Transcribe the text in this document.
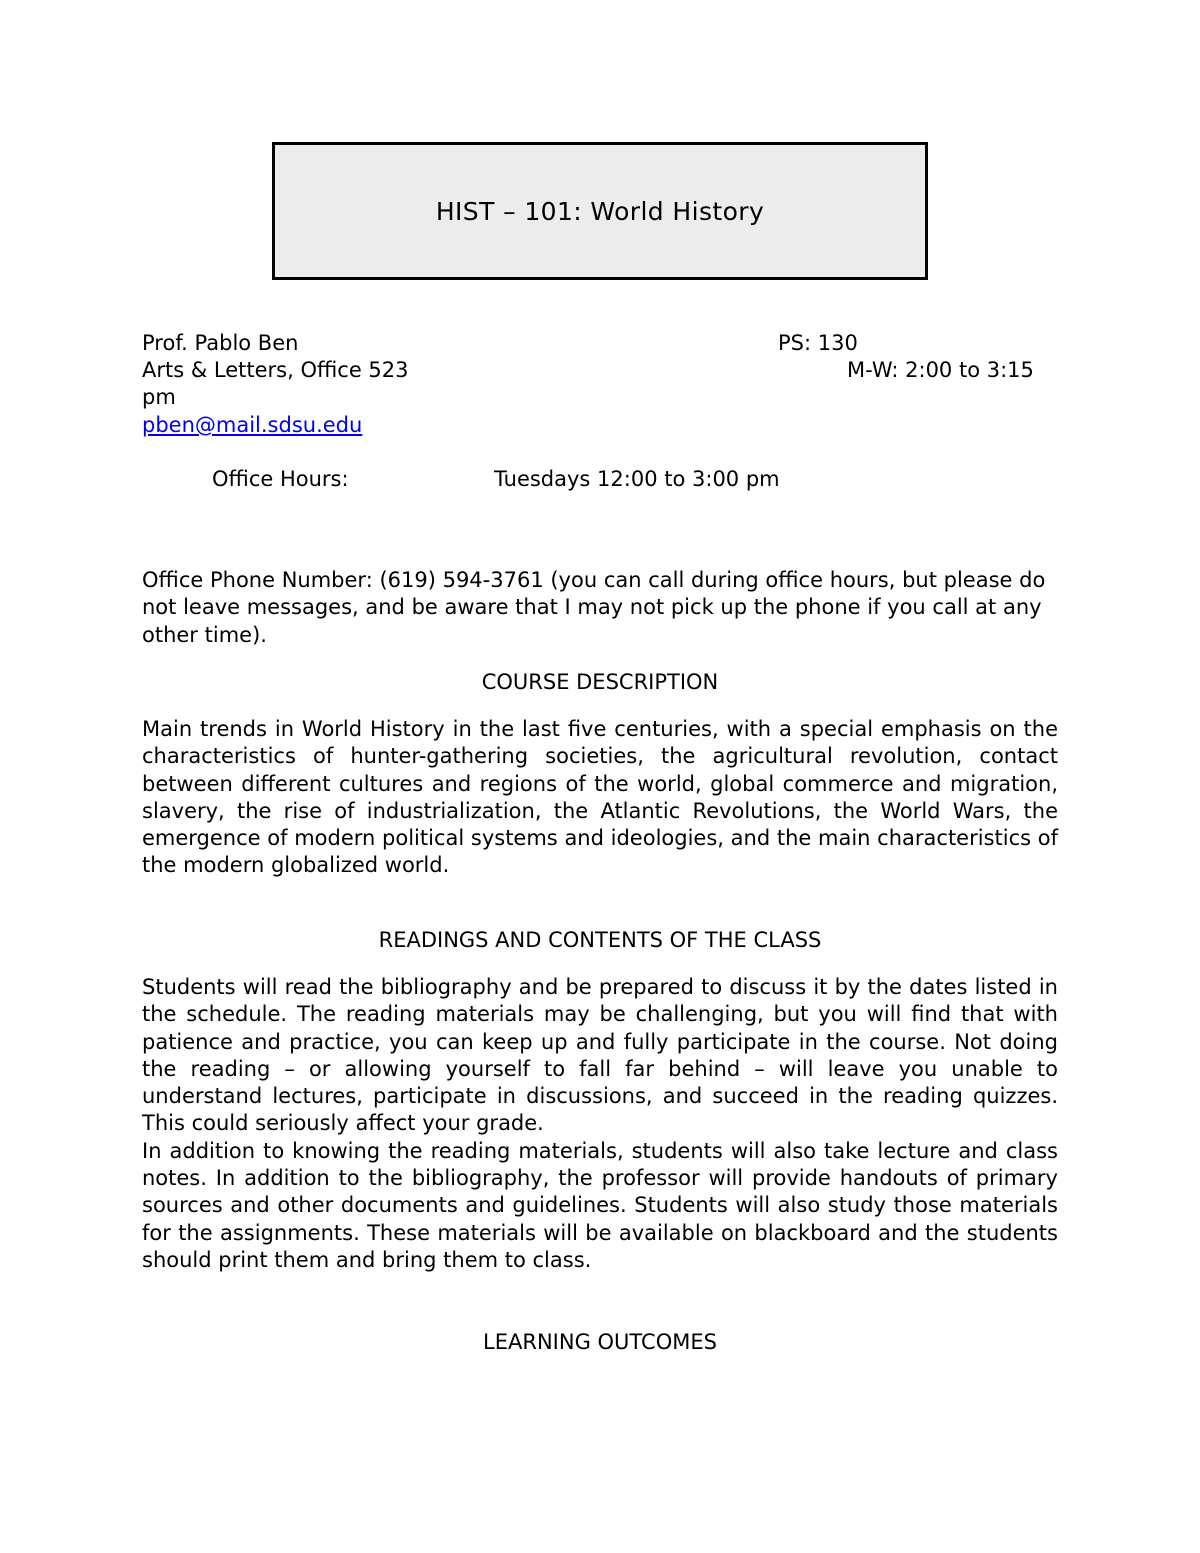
HIST – 101: World History
Prof. Pablo Ben	PS: 130
Arts & Letters, Office 523	M-W: 2:00 to 3:15
pm
pben@mail.sdsu.edu
Office Hours:	Tuesdays 12:00 to 3:00 pm

Office Phone Number: (619) 594-3761 (you can call during office hours, but please do not leave messages, and be aware that I may not pick up the phone if you call at any other time).

COURSE DESCRIPTION

Main trends in World History in the last five centuries, with a special emphasis on the characteristics of hunter-gathering societies, the agricultural revolution, contact between different cultures and regions of the world, global commerce and migration, slavery, the rise of industrialization, the Atlantic Revolutions, the World Wars, the emergence of modern political systems and ideologies, and the main characteristics of the modern globalized world.

READINGS AND CONTENTS OF THE CLASS

Students will read the bibliography and be prepared to discuss it by the dates listed in the schedule. The reading materials may be challenging, but you will find that with patience and practice, you can keep up and fully participate in the course. Not doing the reading – or allowing yourself to fall far behind – will leave you unable to understand lectures, participate in discussions, and succeed in the reading quizzes. This could seriously affect your grade.

In addition to knowing the reading materials, students will also take lecture and class notes. In addition to the bibliography, the professor will provide handouts of primary sources and other documents and guidelines. Students will also study those materials for the assignments. These materials will be available on blackboard and the students should print them and bring them to class.

LEARNING OUTCOMES
